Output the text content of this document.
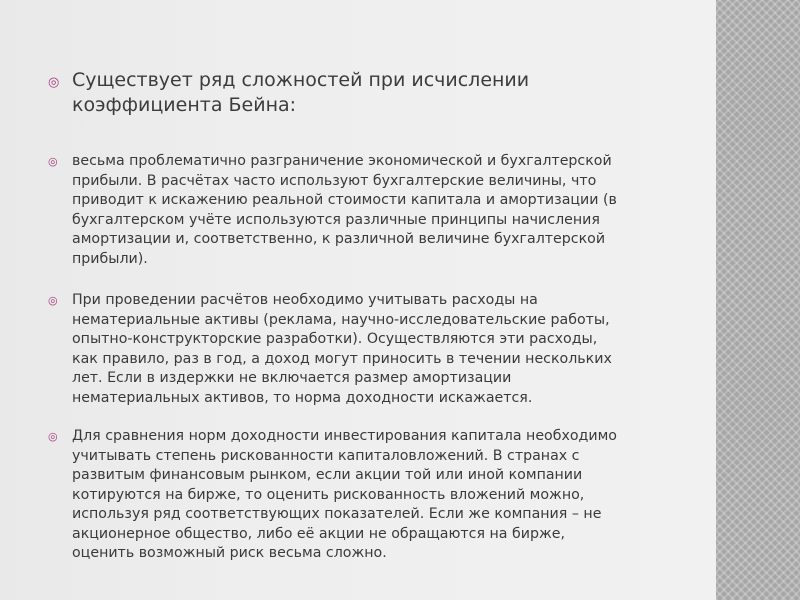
◎ Существует ряд сложностей при исчислении
коэффициента Бейна:
◎ весьма проблематично разграничение экономической и бухгалтерской
прибыли. В расчётах часто используют бухгалтерские величины, что
приводит к искажению реальной стоимости капитала и амортизации (в
бухгалтерском учёте используются различные принципы начисления
амортизации и, соответственно, к различной величине бухгалтерской
прибыли).
◎ При проведении расчётов необходимо учитывать расходы на
нематериальные активы (реклама, научно-исследовательские работы,
опытно-конструкторские разработки). Осуществляются эти расходы,
как правило, раз в год, а доход могут приносить в течении нескольких
лет. Если в издержки не включается размер амортизации
нематериальных активов, то норма доходности искажается.
◎ Для сравнения норм доходности инвестирования капитала необходимо
учитывать степень рискованности капиталовложений. В странах с
развитым финансовым рынком, если акции той или иной компании
котируются на бирже, то оценить рискованность вложений можно,
используя ряд соответствующих показателей. Если же компания – не
акционерное общество, либо её акции не обращаются на бирже,
оценить возможный риск весьма сложно.
